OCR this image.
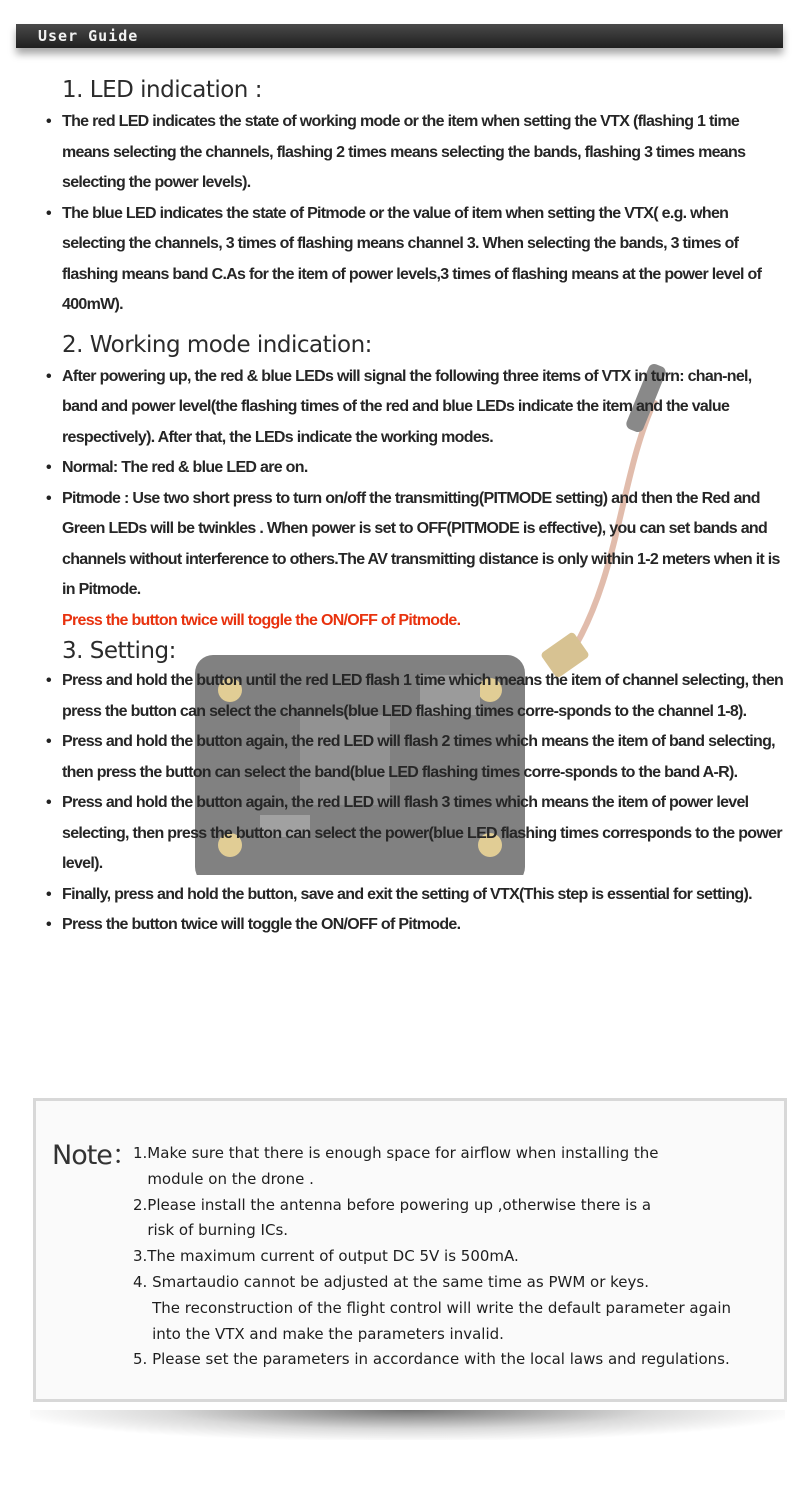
User Guide
1. LED indication :
• The red LED indicates the state of working mode or the item when setting the VTX (flashing 1 time means selecting the channels, flashing 2 times means selecting the bands, flashing 3 times means selecting the power levels).
• The blue LED indicates the state of Pitmode or the value of item when setting the VTX( e.g. when selecting the channels, 3 times of flashing means channel 3. When selecting the bands, 3 times of flashing means band C.As for the item of power levels,3 times of flashing means at the power level of 400mW).
2. Working mode indication:
• After powering up, the red & blue LEDs will signal the following three items of VTX in turn: chan-nel, band and power level(the flashing times of the red and blue LEDs indicate the item and the value respectively). After that, the LEDs indicate the working modes.
• Normal: The red & blue LED are on.
• Pitmode : Use two short press to turn on/off the transmitting(PITMODE setting) and then the Red and Green LEDs will be twinkles . When power is set to OFF(PITMODE is effective), you can set bands and channels without interference to others.The AV transmitting distance is only within 1-2 meters when it is in Pitmode.
Press the button twice will toggle the ON/OFF of Pitmode.
3. Setting:
• Press and hold the button until the red LED flash 1 time which means the item of channel selecting, then press the button can select the channels(blue LED flashing times corre-sponds to the channel 1-8).
• Press and hold the button again, the red LED will flash 2 times which means the item of band selecting, then press the button can select the band(blue LED flashing times corre-sponds to the band A-R).
• Press and hold the button again, the red LED will flash 3 times which means the item of power level selecting, then press the button can select the power(blue LED flashing times corresponds to the power level).
• Finally, press and hold the button, save and exit the setting of VTX(This step is essential for setting).
• Press the button twice will toggle the ON/OFF of Pitmode.
Note：
1.Make sure that there is enough space for airflow when installing the
module on the drone .
2.Please install the antenna before powering up ,otherwise there is a
risk of burning ICs.
3.The maximum current of output DC 5V is 500mA.
4. Smartaudio cannot be adjusted at the same time as PWM or keys.
The reconstruction of the flight control will write the default parameter again
into the VTX and make the parameters invalid.
5. Please set the parameters in accordance with the local laws and regulations.
